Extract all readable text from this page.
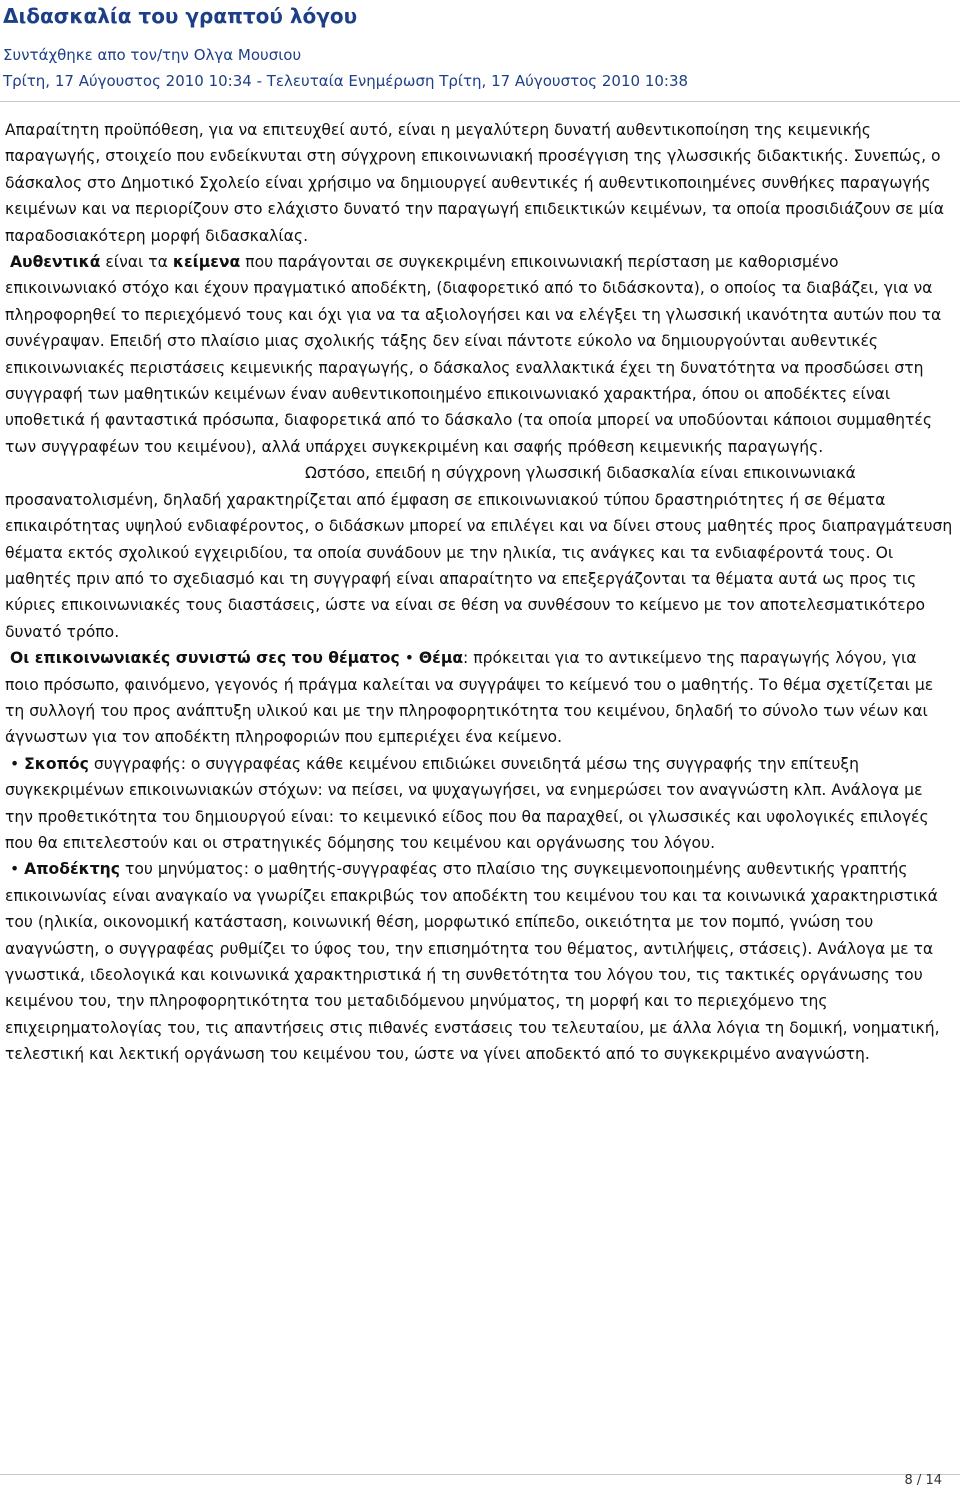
Διδασκαλία του γραπτού λόγου
Συντάχθηκε απο τον/την Ολγα Μουσιου
Τρίτη, 17 Αύγουστος 2010 10:34 - Τελευταία Ενημέρωση Τρίτη, 17 Αύγουστος 2010 10:38

Απαραίτητη προϋπόθεση, για να επιτευχθεί αυτό, είναι η μεγαλύτερη δυνατή αυθεντικοποίηση της κειμενικής παραγωγής, στοιχείο που ενδείκνυται στη σύγχρονη επικοινωνιακή προσέγγιση της γλωσσικής διδακτικής. Συνεπώς, ο δάσκαλος στο Δημοτικό Σχολείο είναι χρήσιμο να δημιουργεί αυθεντικές ή αυθεντικοποιημένες συνθήκες παραγωγής κειμένων και να περιορίζουν στο ελάχιστο δυνατό την παραγωγή επιδεικτικών κειμένων, τα οποία προσιδιάζουν σε μία παραδοσιακότερη μορφή διδασκαλίας.

Αυθεντικά είναι τα κείμενα που παράγονται σε συγκεκριμένη επικοινωνιακή περίσταση με καθορισμένο επικοινωνιακό στόχο και έχουν πραγματικό αποδέκτη, (διαφορετικό από το διδάσκοντα), ο οποίος τα διαβάζει, για να πληροφορηθεί το περιεχόμενό τους και όχι για να τα αξιολογήσει και να ελέγξει τη γλωσσική ικανότητα αυτών που τα συνέγραψαν. Επειδή στο πλαίσιο μιας σχολικής τάξης δεν είναι πάντοτε εύκολο να δημιουργούνται αυθεντικές επικοινωνιακές περιστάσεις κειμενικής παραγωγής, ο δάσκαλος εναλλακτικά έχει τη δυνατότητα να προσδώσει στη συγγραφή των μαθητικών κειμένων έναν αυθεντικοποιημένο επικοινωνιακό χαρακτήρα, όπου οι αποδέκτες είναι υποθετικά ή φανταστικά πρόσωπα, διαφορετικά από το δάσκαλο (τα οποία μπορεί να υποδύονται κάποιοι συμμαθητές των συγγραφέων του κειμένου), αλλά υπάρχει συγκεκριμένη και σαφής πρόθεση κειμενικής παραγωγής.Ωστόσο, επειδή η σύγχρονη γλωσσική διδασκαλία είναι επικοινωνιακά προσανατολισμένη, δηλαδή χαρακτηρίζεται από έμφαση σε επικοινωνιακού τύπου δραστηριότητες ή σε θέματα επικαιρότητας υψηλού ενδιαφέροντος, ο διδάσκων μπορεί να επιλέγει και να δίνει στους μαθητές προς διαπραγμάτευση θέματα εκτός σχολικού εγχειριδίου, τα οποία συνάδουν με την ηλικία, τις ανάγκες και τα ενδιαφέροντά τους. Οι μαθητές πριν από το σχεδιασμό και τη συγγραφή είναι απαραίτητο να επεξεργάζονται τα θέματα αυτά ως προς τις κύριες επικοινωνιακές τους διαστάσεις, ώστε να είναι σε θέση να συνθέσουν το κείμενο με τον αποτελεσματικότερο δυνατό τρόπο.

Οι επικοινωνιακές συνιστώ σες του θέματος • Θέμα: πρόκειται για το αντικείμενο της παραγωγής λόγου, για ποιο πρόσωπο, φαινόμενο, γεγονός ή πράγμα καλείται να συγγράψει το κείμενό του ο μαθητής. Το θέμα σχετίζεται με τη συλλογή του προς ανάπτυξη υλικού και με την πληροφορητικότητα του κειμένου, δηλαδή το σύνολο των νέων και άγνωστων για τον αποδέκτη πληροφοριών που εμπεριέχει ένα κείμενο.

• Σκοπός συγγραφής: ο συγγραφέας κάθε κειμένου επιδιώκει συνειδητά μέσω της συγγραφής την επίτευξη συγκεκριμένων επικοινωνιακών στόχων: να πείσει, να ψυχαγωγήσει, να ενημερώσει τον αναγνώστη κλπ. Ανάλογα με την προθετικότητα του δημιουργού είναι: το κειμενικό είδος που θα παραχθεί, οι γλωσσικές και υφολογικές επιλογές που θα επιτελεστούν και οι στρατηγικές δόμησης του κειμένου και οργάνωσης του λόγου.

• Αποδέκτης του μηνύματος: ο μαθητής-συγγραφέας στο πλαίσιο της συγκειμενοποιημένης αυθεντικής γραπτής επικοινωνίας είναι αναγκαίο να γνωρίζει επακριβώς τον αποδέκτη του κειμένου του και τα κοινωνικά χαρακτηριστικά του (ηλικία, οικονομική κατάσταση, κοινωνική θέση, μορφωτικό επίπεδο, οικειότητα με τον πομπό, γνώση του αναγνώστη, ο συγγραφέας ρυθμίζει το ύφος του, την επισημότητα του θέματος, αντιλήψεις, στάσεις). Ανάλογα με τα γνωστικά, ιδεολογικά και κοινωνικά χαρακτηριστικά ή τη συνθετότητα του λόγου του, τις τακτικές οργάνωσης του κειμένου του, την πληροφορητικότητα του μεταδιδόμενου μηνύματος, τη μορφή και το περιεχόμενο της επιχειρηματολογίας του, τις απαντήσεις στις πιθανές ενστάσεις του τελευταίου, με άλλα λόγια τη δομική, νοηματική, τελεστική και λεκτική οργάνωση του κειμένου του, ώστε να γίνει αποδεκτό από το συγκεκριμένο αναγνώστη.

8 / 14
